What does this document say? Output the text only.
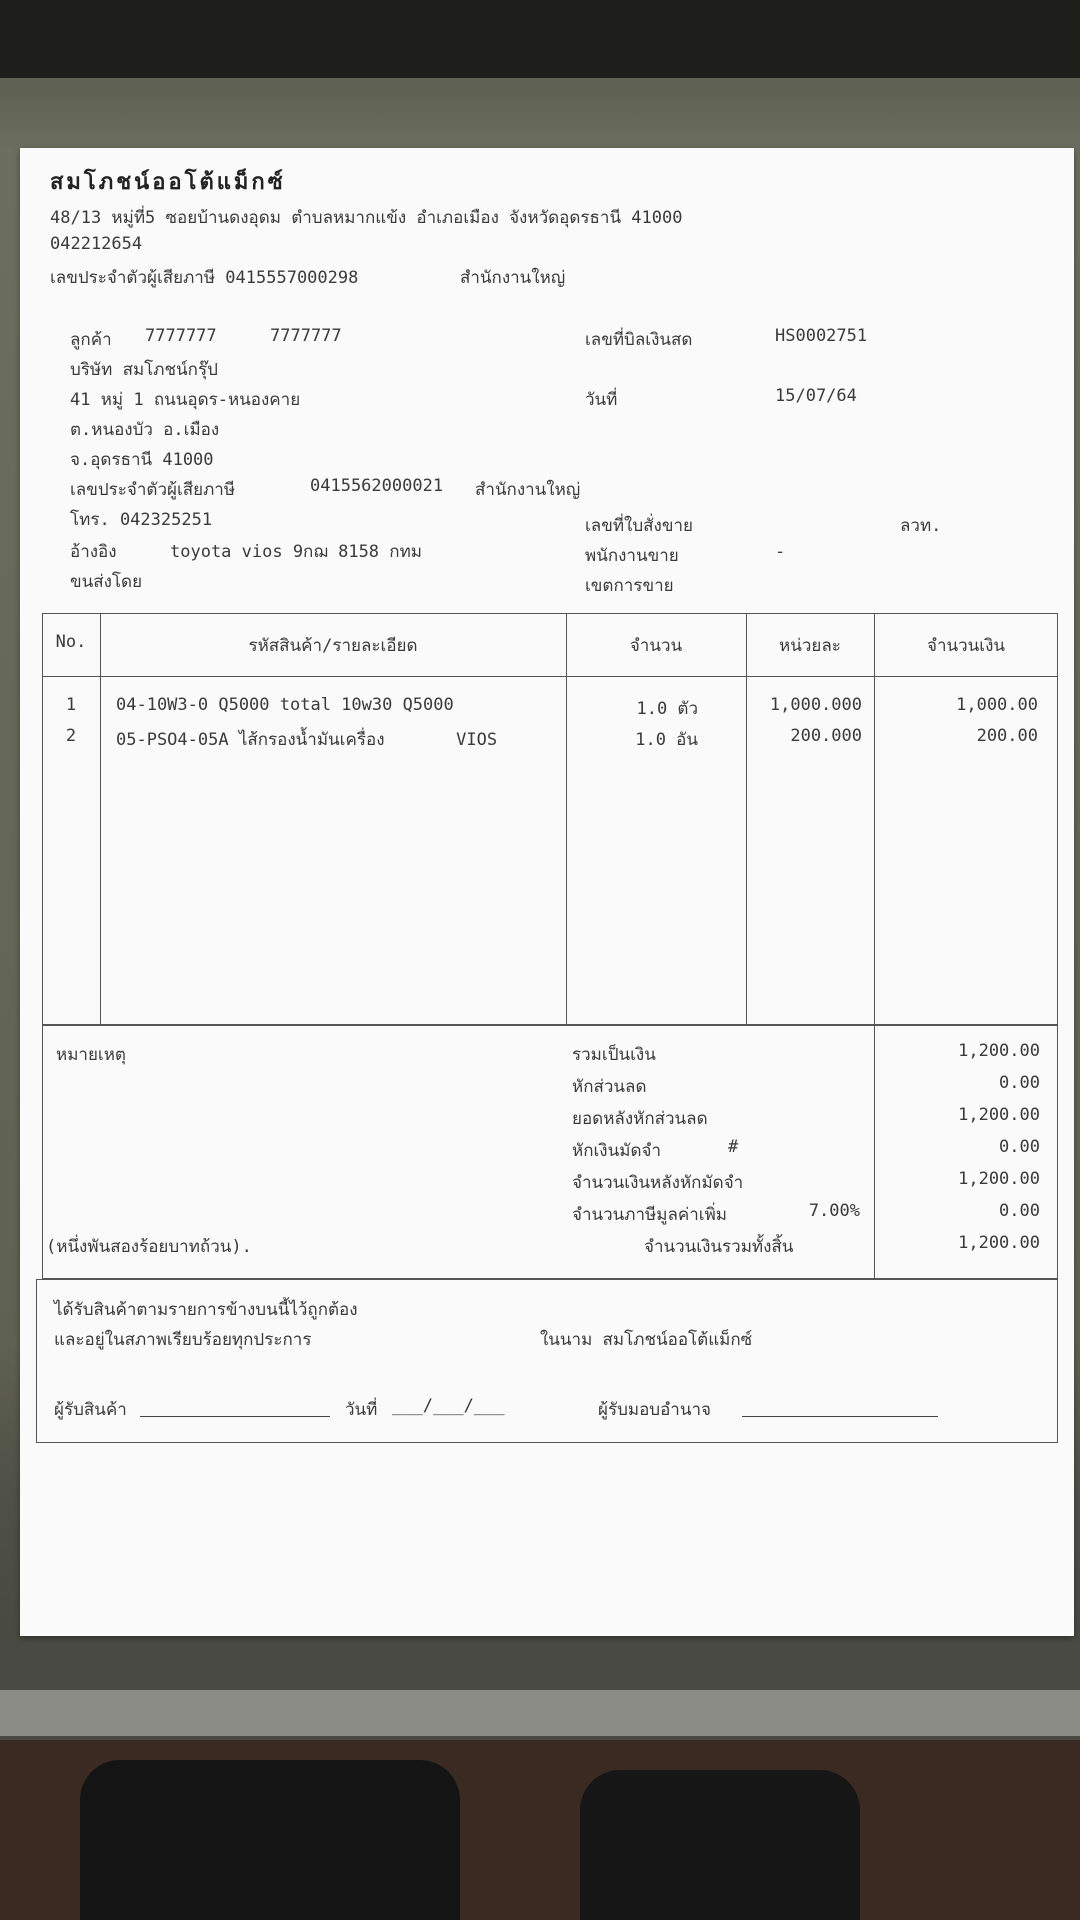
สมโภชน์ออโต้แม็กซ์
48/13 หมู่ที่5 ซอยบ้านดงอุดม ตำบลหมากแข้ง อำเภอเมือง จังหวัดอุดรธานี 41000
042212654
เลขประจำตัวผู้เสียภาษี 0415557000298	สำนักงานใหญ่
ลูกค้า 7777777	7777777
บริษัท สมโภชน์กรุ๊ป
41 หมู่ 1 ถนนอุดร-หนองคาย
ต.หนองบัว อ.เมือง
จ.อุดรธานี 41000
เลขประจำตัวผู้เสียภาษี	0415562000021 สำนักงานใหญ่
โทร. 042325251
อ้างอิง	toyota vios 9กฌ 8158 กทม
ขนส่งโดย
เลขที่บิลเงินสด	HS0002751
วันที่	15/07/64
เลขที่ใบสั่งขาย	ลวท.
พนักงานขาย	-
เขตการขาย
No.	รหัสสินค้า/รายละเอียด	จำนวน	หน่วยละ	จำนวนเงิน
1	04-10W3-0 Q5000 total 10w30 Q5000	1.0 ตัว	1,000.000	1,000.00
2	05-PSO4-05A ไส้กรองน้ำมันเครื่อง       VIOS	1.0 อัน	200.000	200.00
หมายเหตุ
(หนึ่งพันสองร้อยบาทถ้วน).
รวมเป็นเงิน	1,200.00
หักส่วนลด	0.00
ยอดหลังหักส่วนลด	1,200.00
หักเงินมัดจำ	#	0.00
จำนวนเงินหลังหักมัดจำ	1,200.00
จำนวนภาษีมูลค่าเพิ่ม	7.00%	0.00
จำนวนเงินรวมทั้งสิ้น	1,200.00
ได้รับสินค้าตามรายการข้างบนนี้ไว้ถูกต้อง
และอยู่ในสภาพเรียบร้อยทุกประการ	ในนาม สมโภชน์ออโต้แม็กซ์
ผู้รับสินค้า	วันที่ ___/___/___	ผู้รับมอบอำนาจ
